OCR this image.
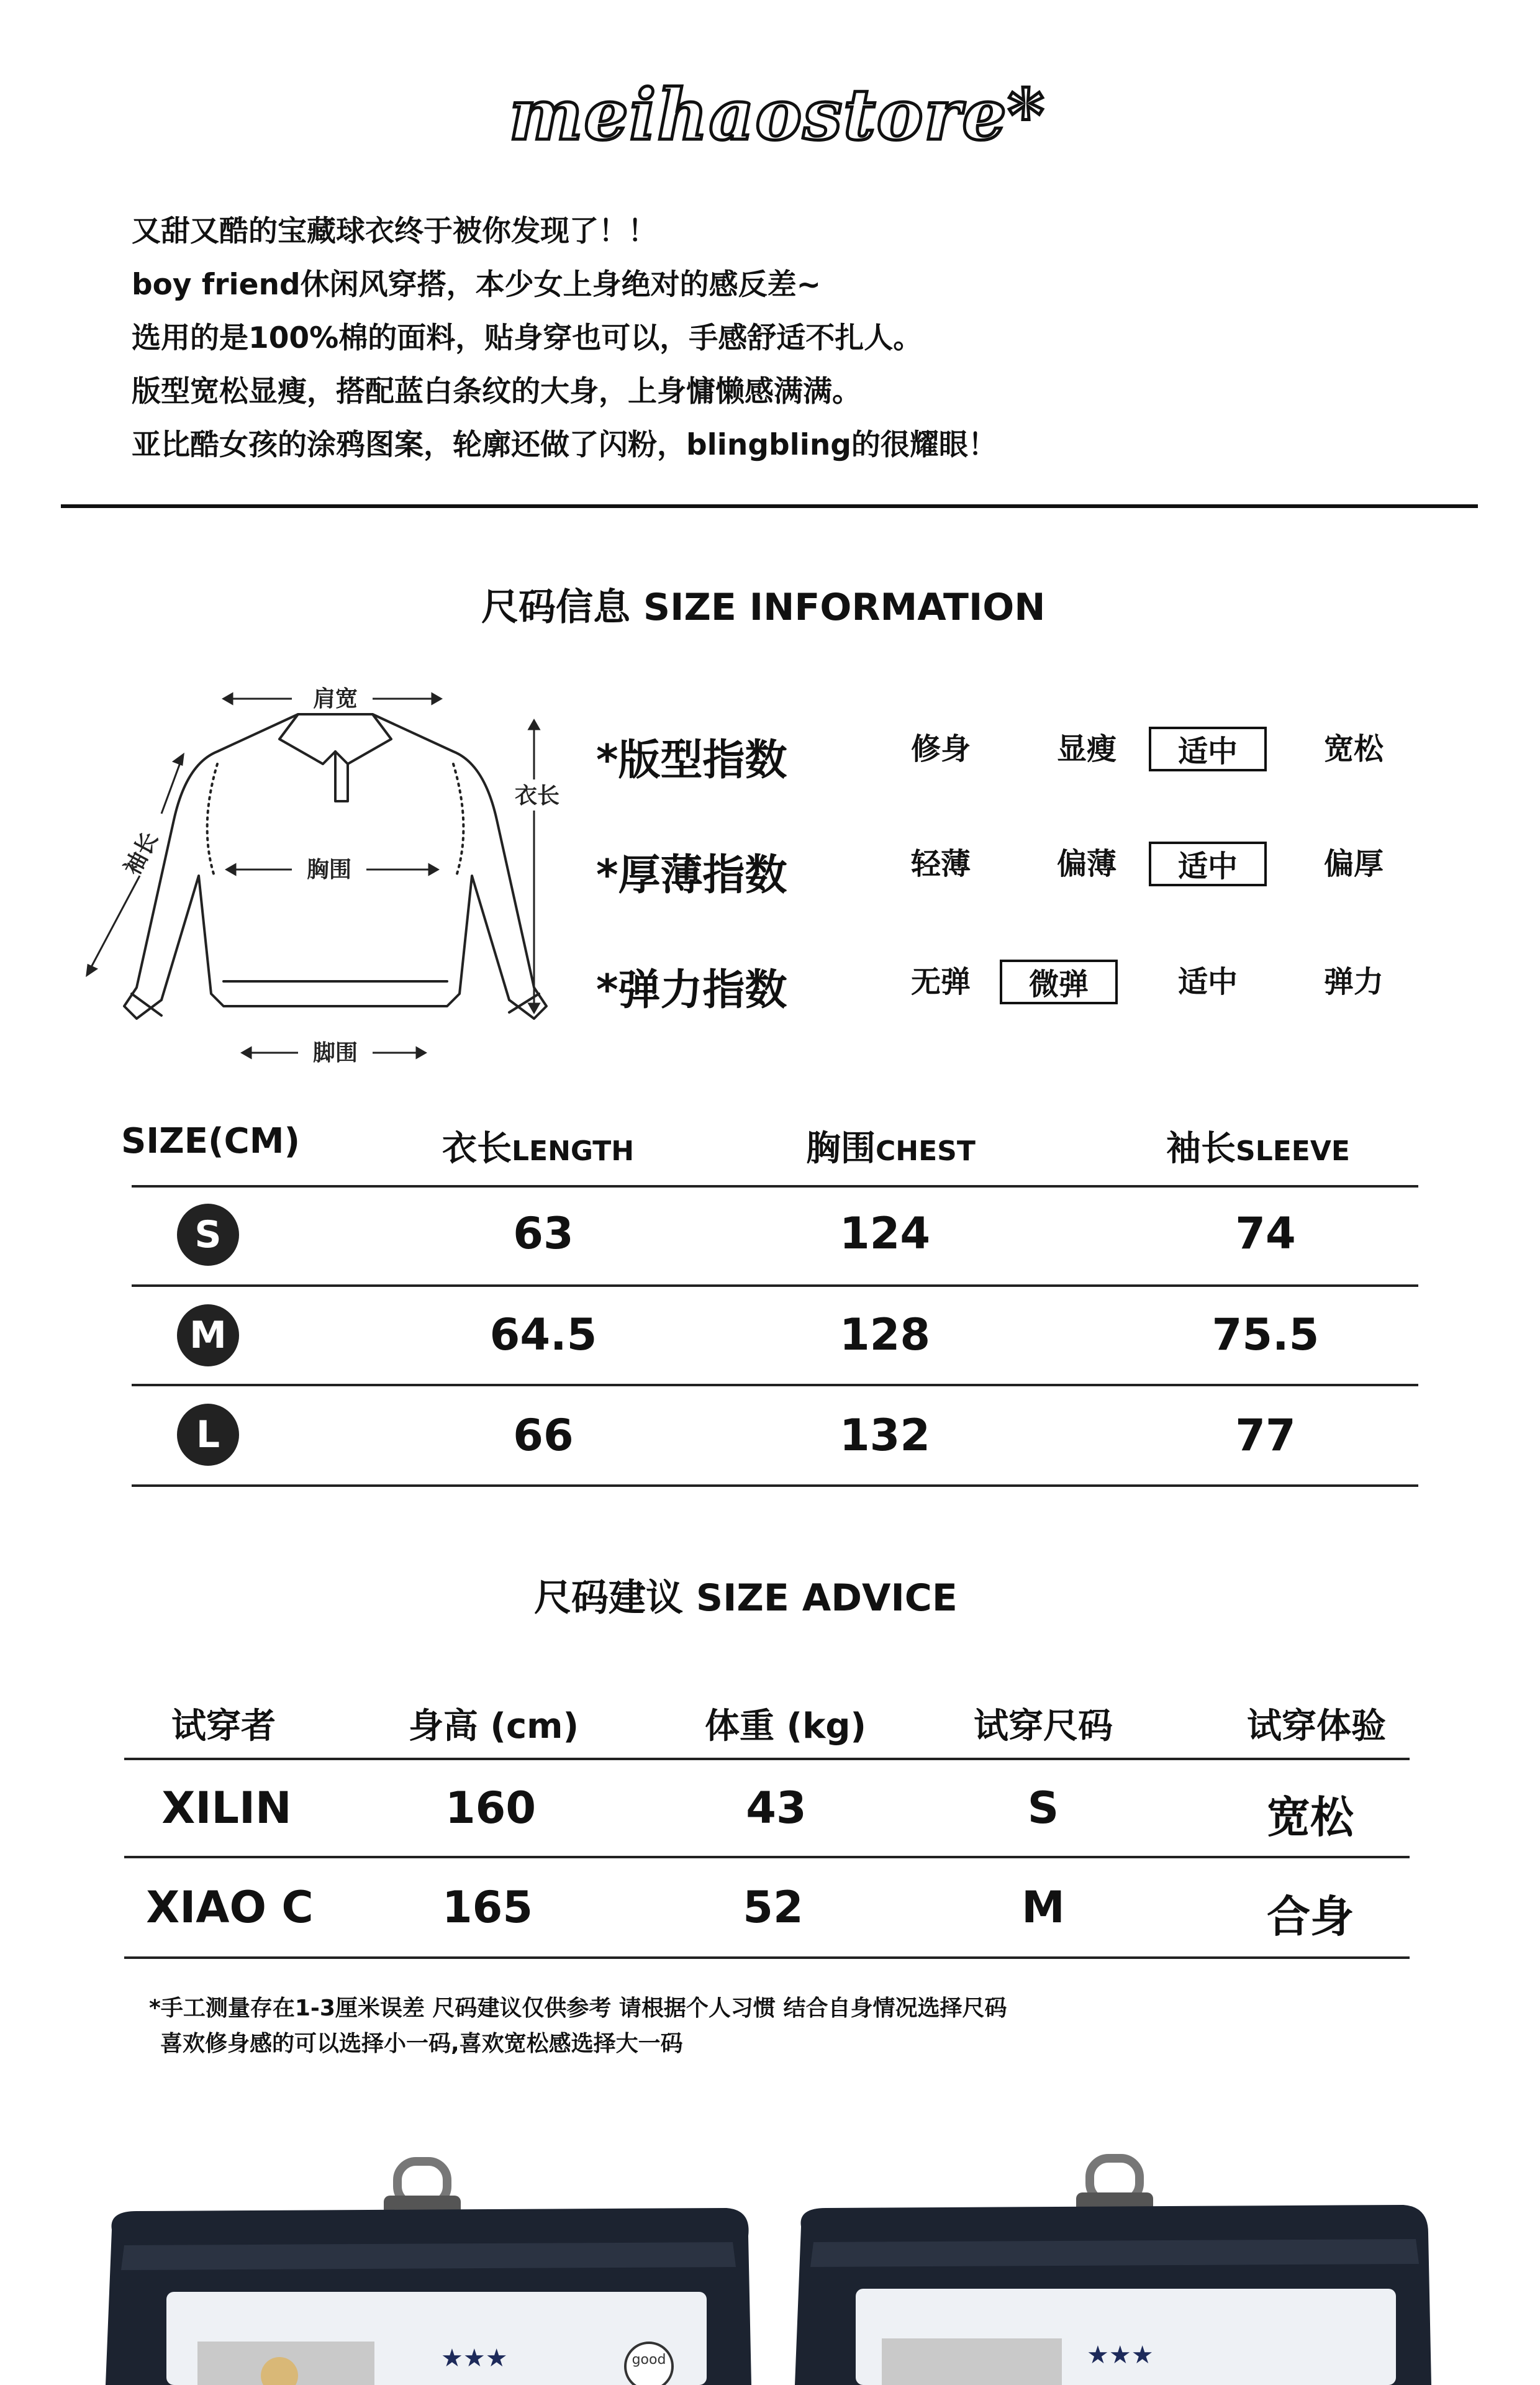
meihaostore*
又甜又酷的宝藏球衣终于被你发现了！！
boy friend休闲风穿搭，本少女上身绝对的感反差~
选用的是100%棉的面料，贴身穿也可以，手感舒适不扎人。
版型宽松显瘦，搭配蓝白条纹的大身，上身慵懒感满满。
亚比酷女孩的涂鸦图案，轮廓还做了闪粉，blingbling的很耀眼！
尺码信息 SIZE INFORMATION
肩宽
衣长
胸围
脚围
袖长
*版型指数	修身	显瘦	适中	宽松
*厚薄指数	轻薄	偏薄	适中	偏厚
*弹力指数	无弹	微弹	适中	弹力
SIZE(CM)	衣长LENGTH	胸围CHEST	袖长SLEEVE
S	63	124	74
M	64.5	128	75.5
L	66	132	77
尺码建议 SIZE ADVICE
试穿者	身高 (cm)	体重 (kg)	试穿尺码	试穿体验
XILIN	160	43	S	宽松
XIAO C	165	52	M	合身
*手工测量存在1-3厘米误差 尺码建议仅供参考 请根据个人习惯 结合自身情况选择尺码
喜欢修身感的可以选择小一码,喜欢宽松感选择大一码
★★★	good	★★★
